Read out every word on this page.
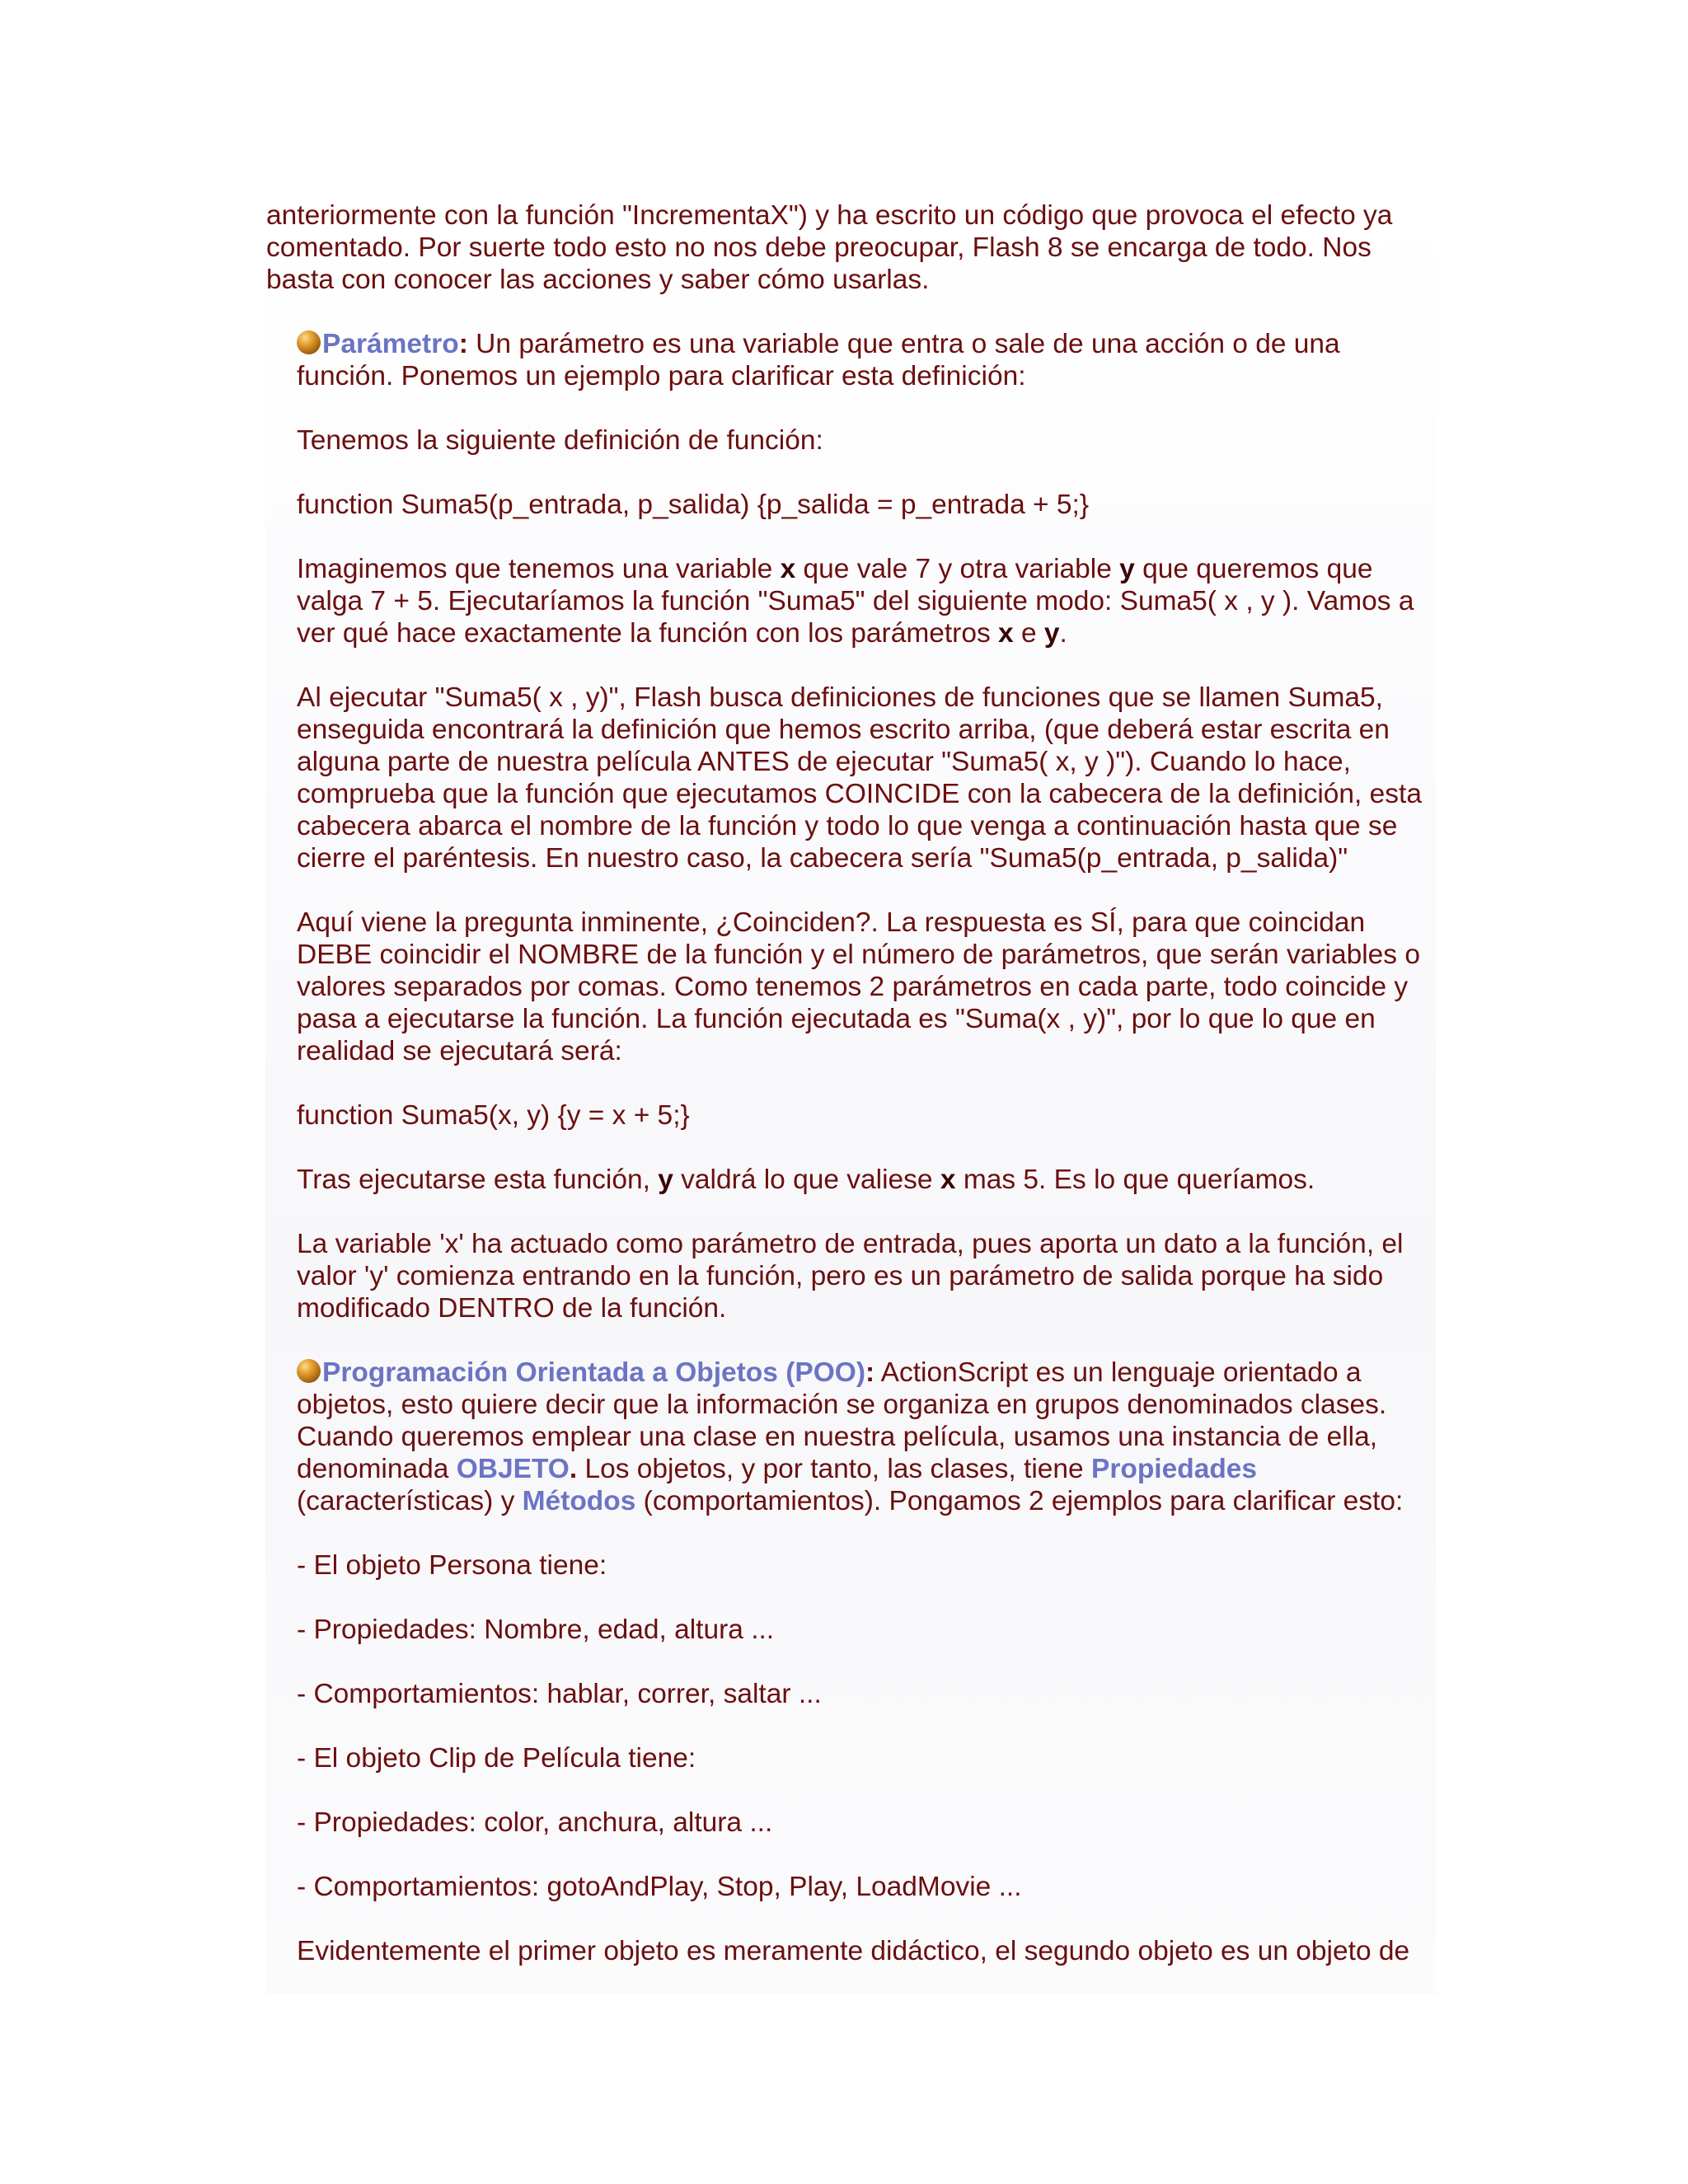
anteriormente con la función "IncrementaX") y ha escrito un código que provoca el efecto ya comentado. Por suerte todo esto no nos debe preocupar, Flash 8 se encarga de todo. Nos basta con conocer las acciones y saber cómo usarlas.

Parámetro: Un parámetro es una variable que entra o sale de una acción o de una función. Ponemos un ejemplo para clarificar esta definición:

Tenemos la siguiente definición de función:

function Suma5(p_entrada, p_salida) {p_salida = p_entrada + 5;}

Imaginemos que tenemos una variable x que vale 7 y otra variable y que queremos que valga 7 + 5. Ejecutaríamos la función "Suma5" del siguiente modo: Suma5( x , y ). Vamos a ver qué hace exactamente la función con los parámetros x e y.

Al ejecutar "Suma5( x , y)", Flash busca definiciones de funciones que se llamen Suma5, enseguida encontrará la definición que hemos escrito arriba, (que deberá estar escrita en alguna parte de nuestra película ANTES de ejecutar "Suma5( x, y )"). Cuando lo hace, comprueba que la función que ejecutamos COINCIDE con la cabecera de la definición, esta cabecera abarca el nombre de la función y todo lo que venga a continuación hasta que se cierre el paréntesis. En nuestro caso, la cabecera sería "Suma5(p_entrada, p_salida)"

Aquí viene la pregunta inminente, ¿Coinciden?. La respuesta es SÍ, para que coincidan DEBE coincidir el NOMBRE de la función y el número de parámetros, que serán variables o valores separados por comas. Como tenemos 2 parámetros en cada parte, todo coincide y pasa a ejecutarse la función. La función ejecutada es "Suma(x , y)", por lo que lo que en realidad se ejecutará será:

function Suma5(x, y) {y = x + 5;}

Tras ejecutarse esta función, y valdrá lo que valiese x mas 5. Es lo que queríamos.

La variable 'x' ha actuado como parámetro de entrada, pues aporta un dato a la función, el valor 'y' comienza entrando en la función, pero es un parámetro de salida porque ha sido modificado DENTRO de la función.

Programación Orientada a Objetos (POO): ActionScript es un lenguaje orientado a objetos, esto quiere decir que la información se organiza en grupos denominados clases. Cuando queremos emplear una clase en nuestra película, usamos una instancia de ella, denominada OBJETO. Los objetos, y por tanto, las clases, tiene Propiedades (características) y Métodos (comportamientos). Pongamos 2 ejemplos para clarificar esto:

- El objeto Persona tiene:

- Propiedades: Nombre, edad, altura ...

- Comportamientos: hablar, correr, saltar ...

- El objeto Clip de Película tiene:

- Propiedades: color, anchura, altura ...

- Comportamientos: gotoAndPlay, Stop, Play, LoadMovie ...

Evidentemente el primer objeto es meramente didáctico, el segundo objeto es un objeto de
